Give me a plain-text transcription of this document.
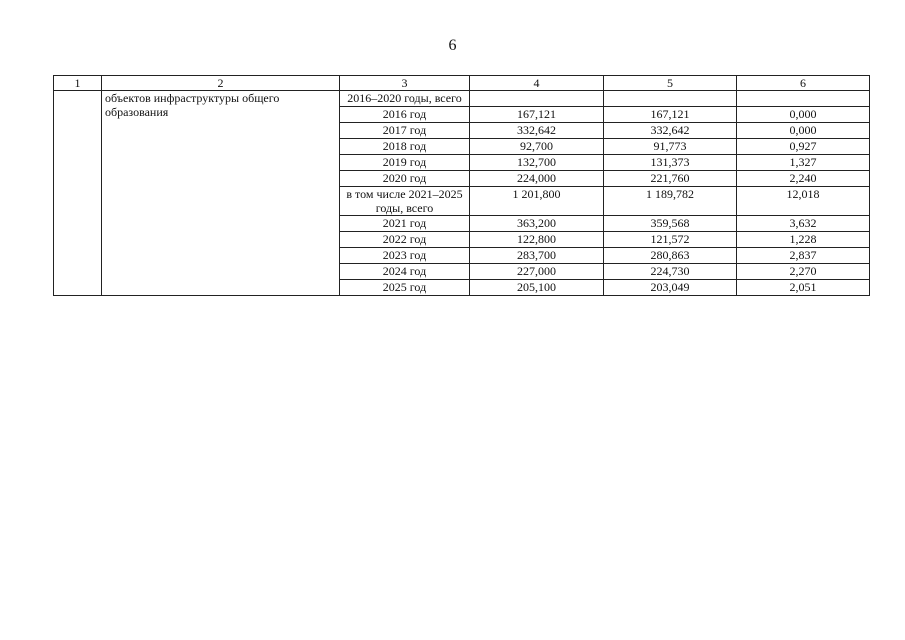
6
1	2	3	4	5	6
	объектов инфраструктуры общего образования	2016–2020 годы, всего			
		2016 год	167,121	167,121	0,000
		2017 год	332,642	332,642	0,000
		2018 год	92,700	91,773	0,927
		2019 год	132,700	131,373	1,327
		2020 год	224,000	221,760	2,240
		в том числе 2021–2025 годы, всего	1 201,800	1 189,782	12,018
		2021 год	363,200	359,568	3,632
		2022 год	122,800	121,572	1,228
		2023 год	283,700	280,863	2,837
		2024 год	227,000	224,730	2,270
		2025 год	205,100	203,049	2,051
